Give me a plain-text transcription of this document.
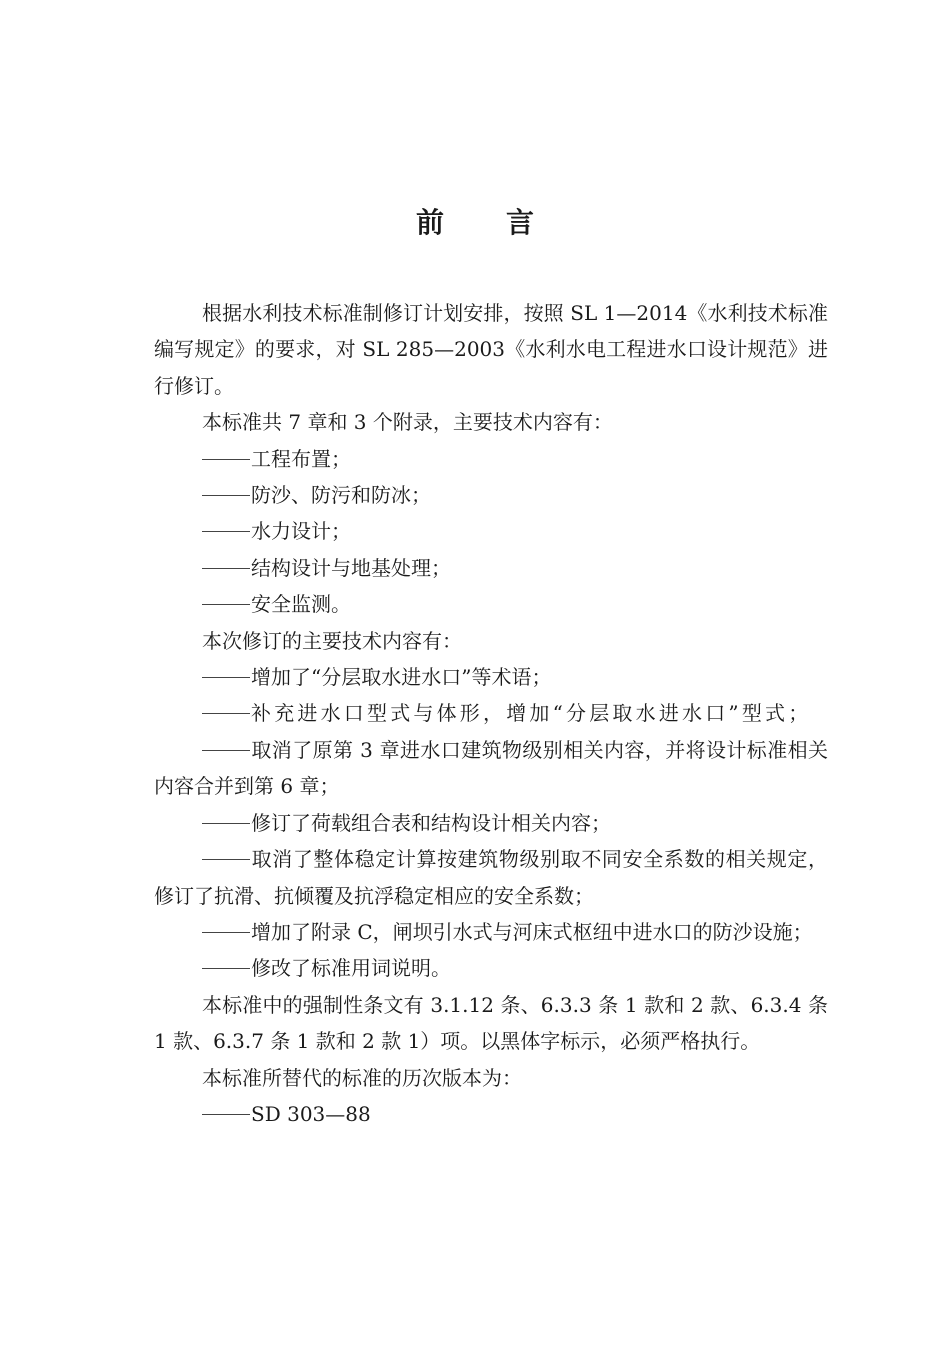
前 言

根据水利技术标准制修订计划安排，按照 SL 1—2014《水利技术标准编写规定》的要求，对 SL 285—2003《水利水电工程进水口设计规范》进行修订。

本标准共 7 章和 3 个附录，主要技术内容有：

工程布置；

防沙、防污和防冰；

水力设计；

结构设计与地基处理；

安全监测。

本次修订的主要技术内容有：

增加了“分层取水进水口”等术语；

补充进水口型式与体形，增加“分层取水进水口”型式；

取消了原第 3 章进水口建筑物级别相关内容，并将设计标准相关内容合并到第 6 章；

修订了荷载组合表和结构设计相关内容；

取消了整体稳定计算按建筑物级别取不同安全系数的相关规定，修订了抗滑、抗倾覆及抗浮稳定相应的安全系数；

增加了附录 C，闸坝引水式与河床式枢纽中进水口的防沙设施；

修改了标准用词说明。

本标准中的强制性条文有 3.1.12 条、6.3.3 条 1 款和 2 款、6.3.4 条 1 款、6.3.7 条 1 款和 2 款 1）项。以黑体字标示，必须严格执行。

本标准所替代的标准的历次版本为：

SD 303—88
